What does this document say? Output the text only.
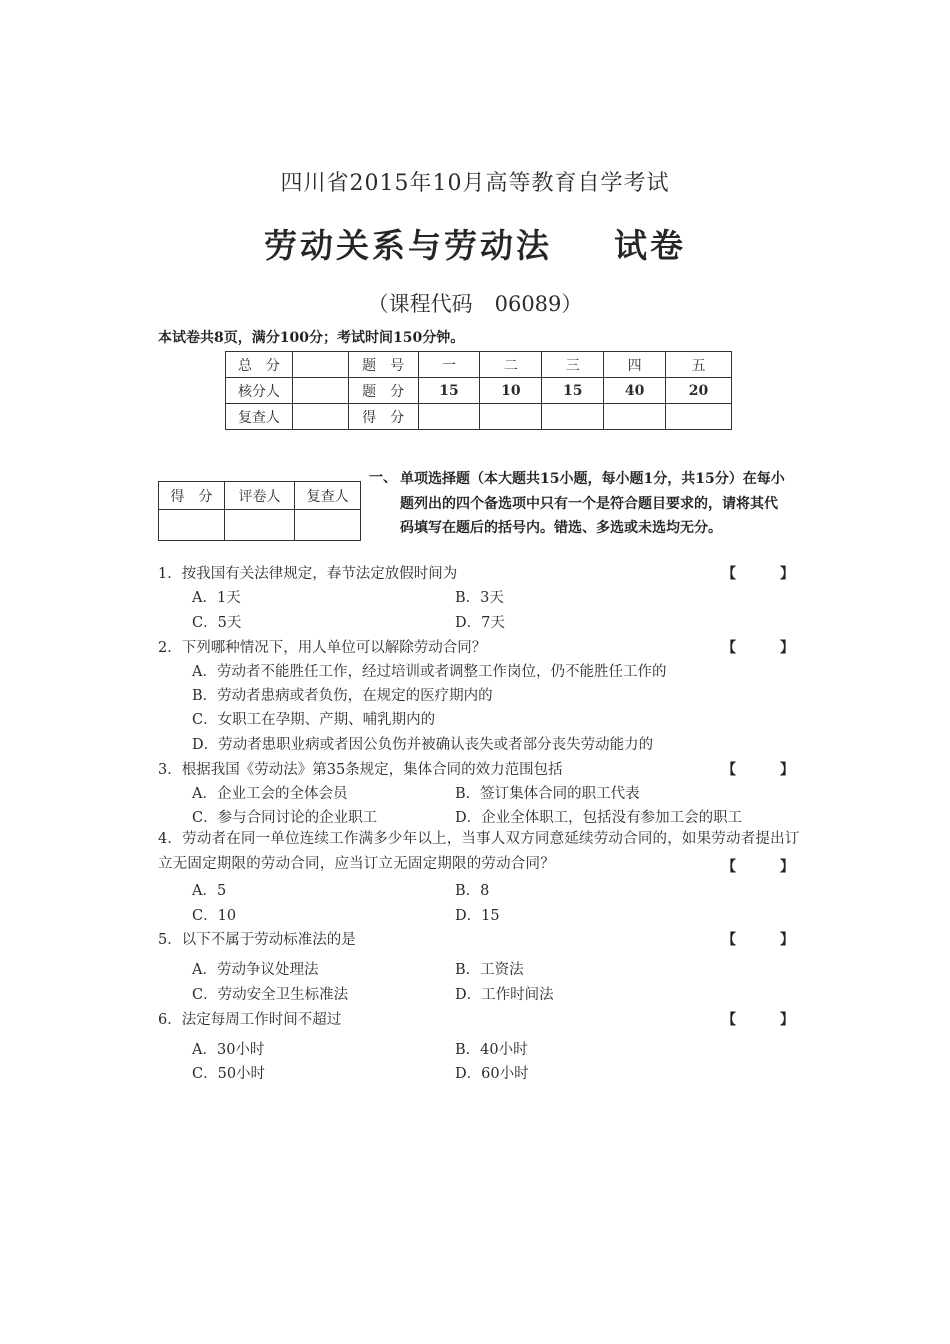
四川省2015年10月高等教育自学考试
劳动关系与劳动法 试卷
（课程代码 06089）
本试卷共8页，满分100分；考试时间150分钟。
总　分		题　号	一	二	三	四	五
核分人		题　分	15	10	15	40	20
复查人		得　分					
得　分	评卷人	复查人

一、 单项选择题（本大题共15小题，每小题1分，共15分）在每小题列出的四个备选项中只有一个是符合题目要求的，请将其代码填写在题后的括号内。错选、多选或未选均无分。
1．按我国有关法律规定，春节法定放假时间为	【	】
A．1天	B．3天
C．5天	D．7天
2．下列哪种情况下，用人单位可以解除劳动合同？	【	】
A．劳动者不能胜任工作，经过培训或者调整工作岗位，仍不能胜任工作的
B．劳动者患病或者负伤，在规定的医疗期内的
C．女职工在孕期、产期、哺乳期内的
D．劳动者患职业病或者因公负伤并被确认丧失或者部分丧失劳动能力的
3．根据我国《劳动法》第35条规定，集体合同的效力范围包括	【	】
A．企业工会的全体会员	B．签订集体合同的职工代表
C．参与合同讨论的企业职工	D．企业全体职工，包括没有参加工会的职工
4．劳动者在同一单位连续工作满多少年以上，当事人双方同意延续劳动合同的，如果劳动者提出订立无固定期限的劳动合同，应当订立无固定期限的劳动合同？	【	】
A．5	B．8
C．10	D．15
5．以下不属于劳动标准法的是	【	】
A．劳动争议处理法	B．工资法
C．劳动安全卫生标准法	D．工作时间法
6．法定每周工作时间不超过	【	】
A．30小时	B．40小时
C．50小时	D．60小时
